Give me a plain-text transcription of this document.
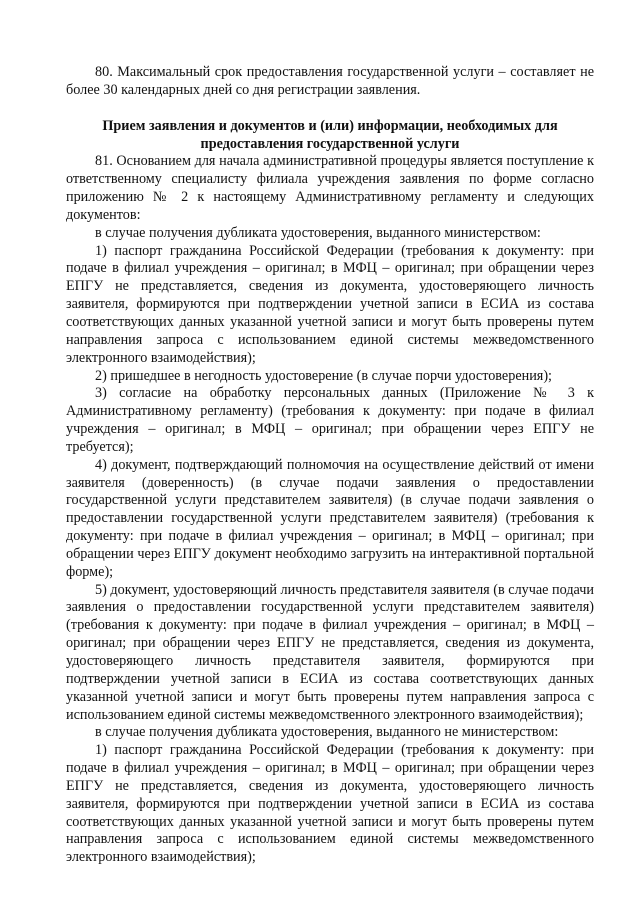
80. Максимальный срок предоставления государственной услуги – составляет не более 30 календарных дней со дня регистрации заявления.

Прием заявления и документов и (или) информации, необходимых для предоставления государственной услуги

81. Основанием для начала административной процедуры является поступление к ответственному специалисту филиала учреждения заявления по форме согласно приложению № 2 к настоящему Административному регламенту и следующих документов:

в случае получения дубликата удостоверения, выданного министерством:

1) паспорт гражданина Российской Федерации (требования к документу: при подаче в филиал учреждения – оригинал; в МФЦ – оригинал; при обращении через ЕПГУ не представляется, сведения из документа, удостоверяющего личность заявителя, формируются при подтверждении учетной записи в ЕСИА из состава соответствующих данных указанной учетной записи и могут быть проверены путем направления запроса с использованием единой системы межведомственного электронного взаимодействия);

2) пришедшее в негодность удостоверение (в случае порчи удостоверения);

3) согласие на обработку персональных данных (Приложение № 3 к Административному регламенту) (требования к документу: при подаче в филиал учреждения – оригинал; в МФЦ – оригинал; при обращении через ЕПГУ не требуется);

4) документ, подтверждающий полномочия на осуществление действий от имени заявителя (доверенность) (в случае подачи заявления о предоставлении государственной услуги представителем заявителя) (в случае подачи заявления о предоставлении государственной услуги представителем заявителя) (требования к документу: при подаче в филиал учреждения – оригинал; в МФЦ – оригинал; при обращении через ЕПГУ документ необходимо загрузить на интерактивной портальной форме);

5) документ, удостоверяющий личность представителя заявителя (в случае подачи заявления о предоставлении государственной услуги представителем заявителя) (требования к документу: при подаче в филиал учреждения – оригинал; в МФЦ – оригинал; при обращении через ЕПГУ не представляется, сведения из документа, удостоверяющего личность представителя заявителя, формируются при подтверждении учетной записи в ЕСИА из состава соответствующих данных указанной учетной записи и могут быть проверены путем направления запроса с использованием единой системы межведомственного электронного взаимодействия);

в случае получения дубликата удостоверения, выданного не министерством:

1) паспорт гражданина Российской Федерации (требования к документу: при подаче в филиал учреждения – оригинал; в МФЦ – оригинал; при обращении через ЕПГУ не представляется, сведения из документа, удостоверяющего личность заявителя, формируются при подтверждении учетной записи в ЕСИА из состава соответствующих данных указанной учетной записи и могут быть проверены путем направления запроса с использованием единой системы межведомственного электронного взаимодействия);
